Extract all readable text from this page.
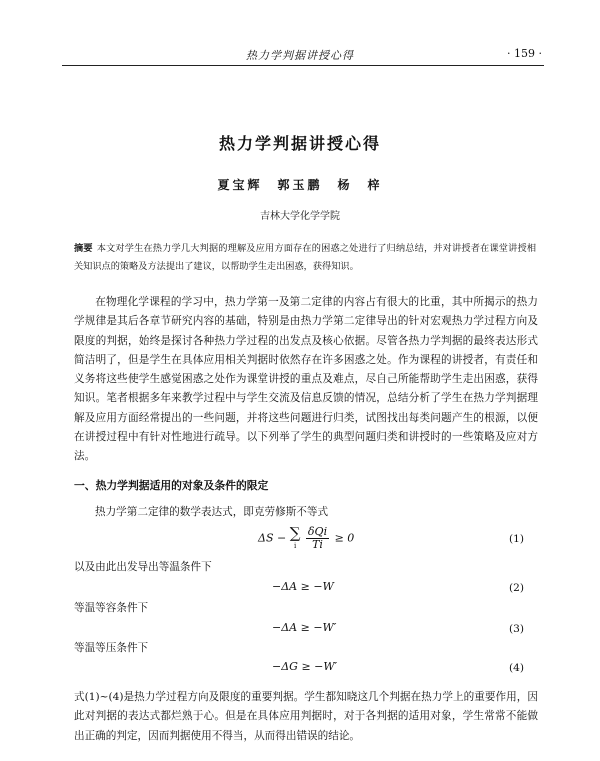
热力学判据讲授心得	· 159 ·
热力学判据讲授心得
夏宝辉　郭玉鹏　杨　梓
吉林大学化学学院
摘要 本文对学生在热力学几大判据的理解及应用方面存在的困惑之处进行了归纳总结，并对讲授者在课堂讲授相关知识点的策略及方法提出了建议，以帮助学生走出困惑，获得知识。
在物理化学课程的学习中，热力学第一及第二定律的内容占有很大的比重，其中所揭示的热力学规律是其后各章节研究内容的基础，特别是由热力学第二定律导出的针对宏观热力学过程方向及限度的判据，始终是探讨各种热力学过程的出发点及核心依据。尽管各热力学判据的最终表达形式简洁明了，但是学生在具体应用相关判据时依然存在许多困惑之处。作为课程的讲授者，有责任和义务将这些使学生感觉困惑之处作为课堂讲授的重点及难点，尽自己所能帮助学生走出困惑，获得知识。笔者根据多年来教学过程中与学生交流及信息反馈的情况，总结分析了学生在热力学判据理解及应用方面经常提出的一些问题，并将这些问题进行归类，试图找出每类问题产生的根源，以便在讲授过程中有针对性地进行疏导。以下列举了学生的典型问题归类和讲授时的一些策略及应对方法。
一、热力学判据适用的对象及条件的限定
热力学第二定律的数学表达式，即克劳修斯不等式
ΔS − ∑
i
$\frac{\text{δQi}}{Ti} \ge 0$	(1)
以及由此出发导出等温条件下
−ΔA ≥ −W	(2)
等温等容条件下
−ΔA ≥ −W′	(3)
等温等压条件下
−ΔG ≥ −W′	(4)
式(1)~(4)是热力学过程方向及限度的重要判据。学生都知晓这几个判据在热力学上的重要作用，因此对判据的表达式都烂熟于心。但是在具体应用判据时，对于各判据的适用对象，学生常常不能做出正确的判定，因而判据使用不得当，从而得出错误的结论。
